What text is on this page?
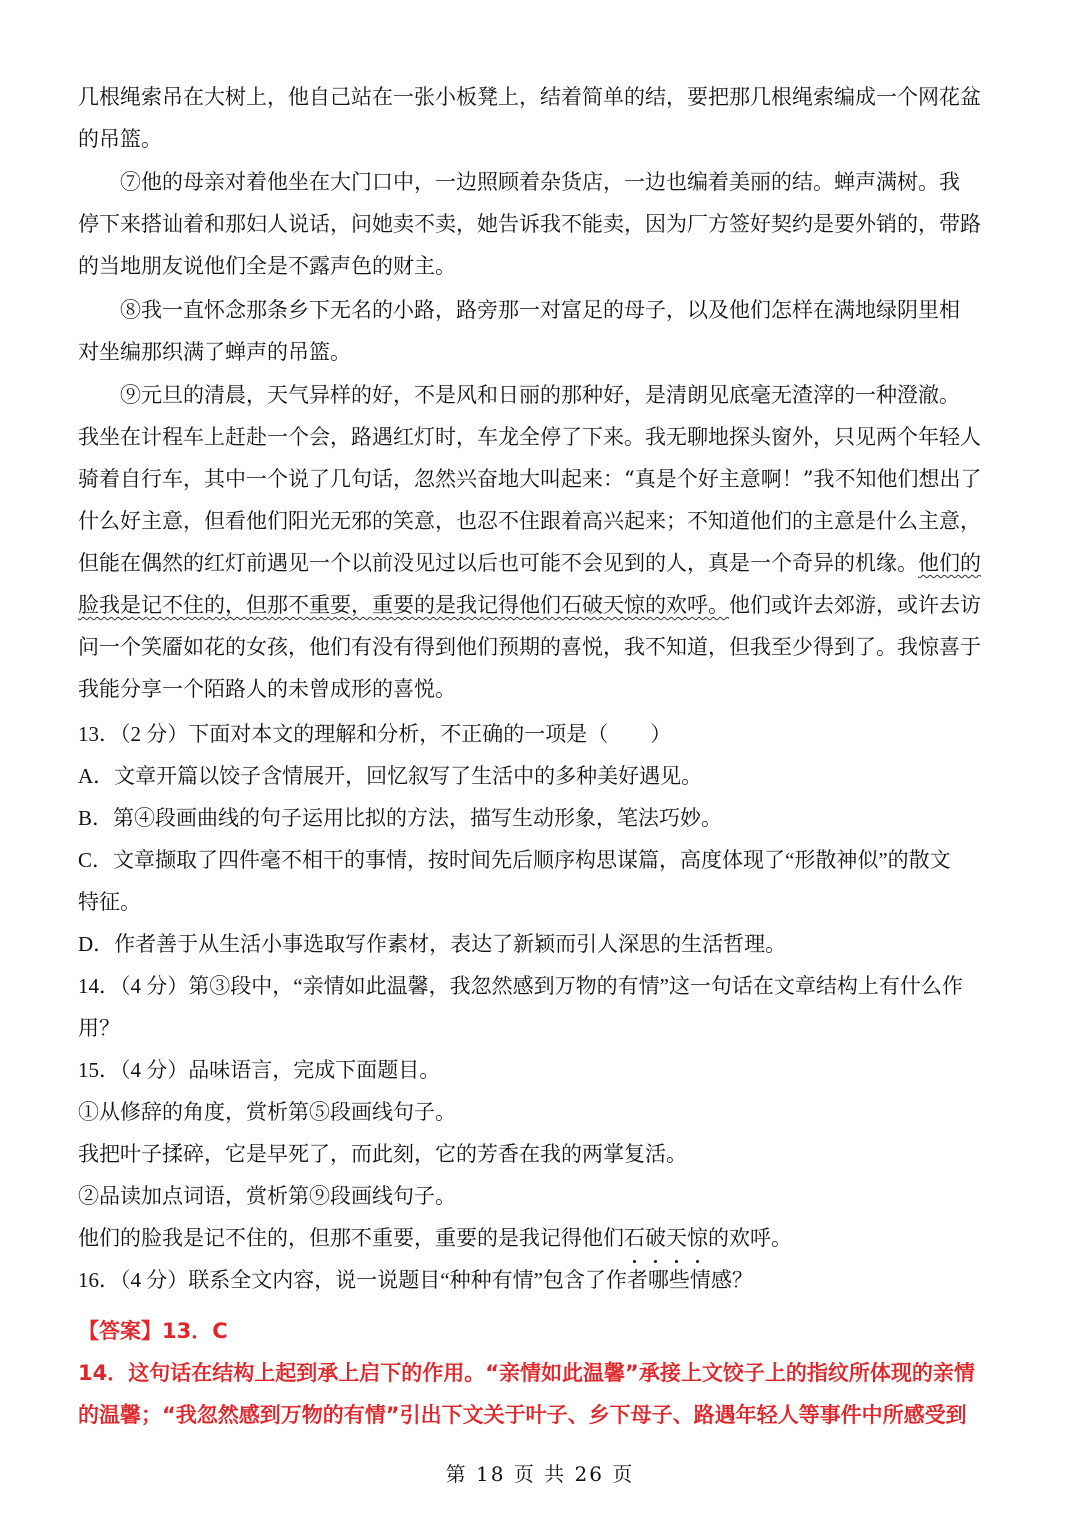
几根绳索吊在大树上，他自己站在一张小板凳上，结着简单的结，要把那几根绳索编成一个网花盆
的吊篮。
⑦他的母亲对着他坐在大门口中，一边照顾着杂货店，一边也编着美丽的结。蝉声满树。我
停下来搭讪着和那妇人说话，问她卖不卖，她告诉我不能卖，因为厂方签好契约是要外销的，带路
的当地朋友说他们全是不露声色的财主。
⑧我一直怀念那条乡下无名的小路，路旁那一对富足的母子，以及他们怎样在满地绿阴里相
对坐编那织满了蝉声的吊篮。
⑨元旦的清晨，天气异样的好，不是风和日丽的那种好，是清朗见底毫无渣滓的一种澄澈。
我坐在计程车上赶赴一个会，路遇红灯时，车龙全停了下来。我无聊地探头窗外，只见两个年轻人
骑着自行车，其中一个说了几句话，忽然兴奋地大叫起来：“真是个好主意啊！”我不知他们想出了
什么好主意，但看他们阳光无邪的笑意，也忍不住跟着高兴起来；不知道他们的主意是什么主意，
但能在偶然的红灯前遇见一个以前没见过以后也可能不会见到的人，真是一个奇异的机缘。他们的
脸我是记不住的，但那不重要，重要的是我记得他们石破天惊的欢呼。他们或许去郊游，或许去访
问一个笑靥如花的女孩，他们有没有得到他们预期的喜悦，我不知道，但我至少得到了。我惊喜于
我能分享一个陌路人的未曾成形的喜悦。

13．（2 分）下面对本文的理解和分析，不正确的一项是（　　）

A．文章开篇以饺子含情展开，回忆叙写了生活中的多种美好遇见。

B．第④段画曲线的句子运用比拟的方法，描写生动形象，笔法巧妙。

C．文章撷取了四件毫不相干的事情，按时间先后顺序构思谋篇，高度体现了“形散神似”的散文

特征。

D．作者善于从生活小事选取写作素材，表达了新颖而引人深思的生活哲理。

14．（4 分）第③段中，“亲情如此温馨，我忽然感到万物的有情”这一句话在文章结构上有什么作

用？

15．（4 分）品味语言，完成下面题目。

①从修辞的角度，赏析第⑤段画线句子。

我把叶子揉碎，它是早死了，而此刻，它的芳香在我的两掌复活。

②品读加点词语，赏析第⑨段画线句子。

他们的脸我是记不住的，但那不重要，重要的是我记得他们石破天惊的欢呼。

16．（4 分）联系全文内容，说一说题目“种种有情”包含了作者哪些情感？

【答案】13．C

14．这句话在结构上起到承上启下的作用。“亲情如此温馨”承接上文饺子上的指纹所体现的亲情

的温馨；“我忽然感到万物的有情”引出下文关于叶子、乡下母子、路遇年轻人等事件中所感受到

第 18 页 共 26 页
